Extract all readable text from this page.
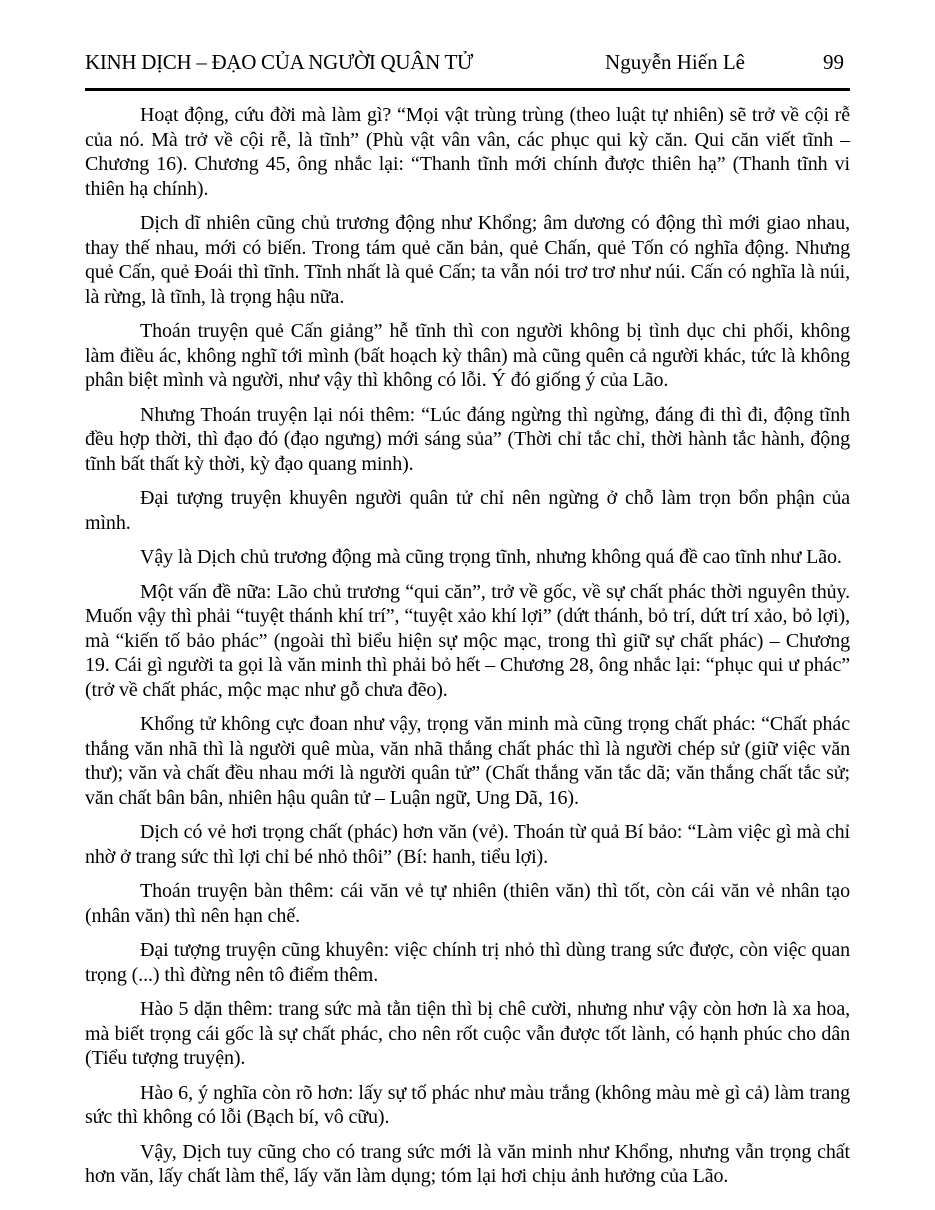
KINH DỊCH – ĐẠO CỦA NGƯỜI QUÂN TỬ	Nguyễn Hiến Lê	99

Hoạt động, cứu đời mà làm gì? “Mọi vật trùng trùng (theo luật tự nhiên) sẽ trở về cội rễ của nó. Mà trở về cội rễ, là tĩnh” (Phù vật vân vân, các phục qui kỳ căn. Qui căn viết tĩnh – Chương 16). Chương 45, ông nhắc lại: “Thanh tĩnh mới chính được thiên hạ” (Thanh tĩnh vi thiên hạ chính).

Dịch dĩ nhiên cũng chủ trương động như Khổng; âm dương có động thì mới giao nhau, thay thế nhau, mới có biến. Trong tám quẻ căn bản, quẻ Chấn, quẻ Tốn có nghĩa động. Nhưng quẻ Cấn, quẻ Đoái thì tĩnh. Tĩnh nhất là quẻ Cấn; ta vẫn nói trơ trơ như núi. Cấn có nghĩa là núi, là rừng, là tĩnh, là trọng hậu nữa.

Thoán truyện quẻ Cấn giảng” hễ tĩnh thì con người không bị tình dục chi phối, không làm điều ác, không nghĩ tới mình (bất hoạch kỳ thân) mà cũng quên cả người khác, tức là không phân biệt mình và người, như vậy thì không có lỗi. Ý đó giống ý của Lão.

Nhưng Thoán truyện lại nói thêm: “Lúc đáng ngừng thì ngừng, đáng đi thì đi, động tĩnh đều hợp thời, thì đạo đó (đạo ngưng) mới sáng sủa” (Thời chỉ tắc chỉ, thời hành tắc hành, động tĩnh bất thất kỳ thời, kỳ đạo quang minh).

Đại tượng truyện khuyên người quân tử chỉ nên ngừng ở chỗ làm trọn bổn phận của mình.

Vậy là Dịch chủ trương động mà cũng trọng tĩnh, nhưng không quá đề cao tĩnh như Lão.

Một vấn đề nữa: Lão chủ trương “qui căn”, trở về gốc, về sự chất phác thời nguyên thủy. Muốn vậy thì phải “tuyệt thánh khí trí”, “tuyệt xảo khí lợi” (dứt thánh, bỏ trí, dứt trí xảo, bỏ lợi), mà “kiến tố bảo phác” (ngoài thì biểu hiện sự mộc mạc, trong thì giữ sự chất phác) – Chương 19. Cái gì người ta gọi là văn minh thì phải bỏ hết – Chương 28, ông nhắc lại: “phục qui ư phác” (trở về chất phác, mộc mạc như gỗ chưa đẽo).

Khổng tử không cực đoan như vậy, trọng văn minh mà cũng trọng chất phác: “Chất phác thắng văn nhã thì là người quê mùa, văn nhã thắng chất phác thì là người chép sử (giữ việc văn thư); văn và chất đều nhau mới là người quân tử” (Chất thắng văn tắc dã; văn thắng chất tắc sử; văn chất bân bân, nhiên hậu quân tử – Luận ngữ, Ung Dã, 16).

Dịch có vẻ hơi trọng chất (phác) hơn văn (vẻ). Thoán từ quả Bí bảo: “Làm việc gì mà chỉ nhờ ở trang sức thì lợi chỉ bé nhỏ thôi” (Bí: hanh, tiểu lợi).

Thoán truyện bàn thêm: cái văn vẻ tự nhiên (thiên văn) thì tốt, còn cái văn vẻ nhân tạo (nhân văn) thì nên hạn chế.

Đại tượng truyện cũng khuyên: việc chính trị nhỏ thì dùng trang sức được, còn việc quan trọng (...) thì đừng nên tô điểm thêm.

Hào 5 dặn thêm: trang sức mà tằn tiện thì bị chê cười, nhưng như vậy còn hơn là xa hoa, mà biết trọng cái gốc là sự chất phác, cho nên rốt cuộc vẫn được tốt lành, có hạnh phúc cho dân (Tiểu tượng truyện).

Hào 6, ý nghĩa còn rõ hơn: lấy sự tố phác như màu trắng (không màu mè gì cả) làm trang sức thì không có lỗi (Bạch bí, vô cữu).

Vậy, Dịch tuy cũng cho có trang sức mới là văn minh như Khổng, nhưng vẫn trọng chất hơn văn, lấy chất làm thể, lấy văn làm dụng; tóm lại hơi chịu ảnh hưởng của Lão.
